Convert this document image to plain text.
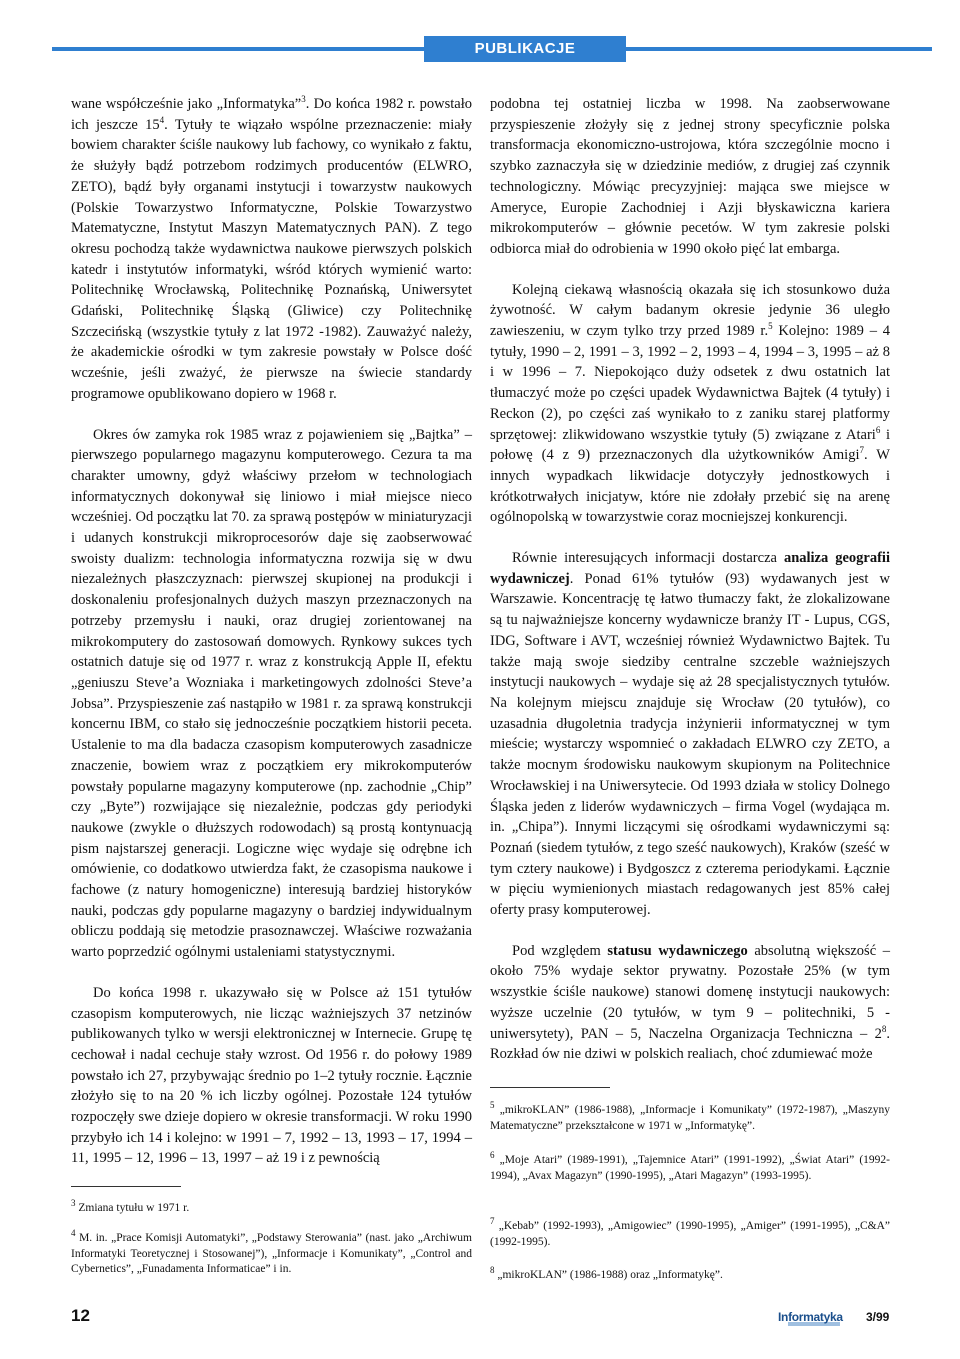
PUBLIKACJE

wane współcześnie jako „Informatyka”$^3$. Do końca 1982 r. powstało ich jeszcze $15^4$. Tytuły te wiązało wspólne przeznaczenie: miały bowiem charakter ściśle naukowy lub fachowy, co wynikało z faktu, że służyły bądź potrzebom rodzimych producentów (ELWRO, ZETO), bądź były organami instytucji i towarzystw naukowych (Polskie Towarzystwo Informatyczne, Polskie Towarzystwo Matematyczne, Instytut Maszyn Matematycznych PAN). Z tego okresu pochodzą także wydawnictwa naukowe pierwszych polskich katedr i instytutów informatyki, wśród których wymienić warto: Politechnikę Wrocławską, Politechnikę Poznańską, Uniwersytet Gdański, Politechnikę Śląską (Gliwice) czy Politechnikę Szczecińską (wszystkie tytuły z lat 1972 -1982). Zauważyć należy, że akademickie ośrodki w tym zakresie powstały w Polsce dość wcześnie, jeśli zważyć, że pierwsze na świecie standardy programowe opublikowano dopiero w 1968 r.

Okres ów zamyka rok 1985 wraz z pojawieniem się „Bajtka” – pierwszego popularnego magazynu komputerowego. Cezura ta ma charakter umowny, gdyż właściwy przełom w technologiach informatycznych dokonywał się liniowo i miał miejsce nieco wcześniej. Od początku lat 70. za sprawą postępów w miniaturyzacji i udanych konstrukcji mikroprocesorów daje się zaobserwować swoisty dualizm: technologia informatyczna rozwija się w dwu niezależnych płaszczyznach: pierwszej skupionej na produkcji i doskonaleniu profesjonalnych dużych maszyn przeznaczonych na potrzeby przemysłu i nauki, oraz drugiej zorientowanej na mikrokomputery do zastosowań domowych. Rynkowy sukces tych ostatnich datuje się od 1977 r. wraz z konstrukcją Apple II, efektu „geniuszu Steve’a Wozniaka i marketingowych zdolności Steve’a Jobsa”. Przyspieszenie zaś nastąpiło w 1981 r. za sprawą konstrukcji koncernu IBM, co stało się jednocześnie początkiem historii peceta. Ustalenie to ma dla badacza czasopism komputerowych zasadnicze znaczenie, bowiem wraz z początkiem ery mikrokomputerów powstały popularne magazyny komputerowe (np. zachodnie „Chip” czy „Byte”) rozwijające się niezależnie, podczas gdy periodyki naukowe (zwykle o dłuższych rodowodach) są prostą kontynuacją pism najstarszej generacji. Logiczne więc wydaje się odrębne ich omówienie, co dodatkowo utwierdza fakt, że czasopisma naukowe i fachowe (z natury homogeniczne) interesują bardziej historyków nauki, podczas gdy popularne magazyny o bardziej indywidualnym obliczu poddają się metodzie prasoznawczej. Właściwe rozważania warto poprzedzić ogólnymi ustaleniami statystycznymi.

Do końca 1998 r. ukazywało się w Polsce aż 151 tytułów czasopism komputerowych, nie licząc ważniejszych 37 netzinów publikowanych tylko w wersji elektronicznej w Internecie. Grupę tę cechował i nadal cechuje stały wzrost. Od 1956 r. do połowy 1989 powstało ich 27, przybywając średnio po 1–2 tytuły rocznie. Łącznie złożyło się to na 20 % ich liczby ogólnej. Pozostałe 124 tytułów rozpoczęły swe dzieje dopiero w okresie transformacji. W roku 1990 przybyło ich 14 i kolejno: w 1991 – 7, 1992 – 13, 1993 – 17, 1994 – 11, 1995 – 12, 1996 – 13, 1997 – aż 19 i z pewnością

podobna tej ostatniej liczba w 1998. Na zaobserwowane przyspieszenie złożyły się z jednej strony specyficznie polska transformacja ekonomiczno-ustrojowa, która szczególnie mocno i szybko zaznaczyła się w dziedzinie mediów, z drugiej zaś czynnik technologiczny. Mówiąc precyzyjniej: mająca swe miejsce w Ameryce, Europie Zachodniej i Azji błyskawiczna kariera mikrokomputerów – głównie pecetów. W tym zakresie polski odbiorca miał do odrobienia w 1990 około pięć lat embarga.

Kolejną ciekawą własnością okazała się ich stosunkowo duża żywotność. W całym badanym okresie jedynie 36 uległo zawieszeniu, w czym tylko trzy przed 1989 r.$^5$ Kolejno: 1989 – 4 tytuły, 1990 – 2, 1991 – 3, 1992 – 2, 1993 – 4, 1994 – 3, 1995 – aż 8 i w 1996 – 7. Niepokojąco duży odsetek z dwu ostatnich lat tłumaczyć może po części upadek Wydawnictwa Bajtek (4 tytuły) i Reckon (2), po części zaś wynikało to z zaniku starej platformy sprzętowej: zlikwidowano wszystkie tytuły (5) związane z Atari$^6$ i połowę (4 z 9) przeznaczonych dla użytkowników Amigi$^7$. W innych wypadkach likwidacje dotyczyły jednostkowych i krótkotrwałych inicjatyw, które nie zdołały przebić się na arenę ogólnopolską w towarzystwie coraz mocniejszej konkurencji.

Równie interesujących informacji dostarcza analiza geografii wydawniczej. Ponad 61% tytułów (93) wydawanych jest w Warszawie. Koncentrację tę łatwo tłumaczy fakt, że zlokalizowane są tu najważniejsze koncerny wydawnicze branży IT - Lupus, CGS, IDG, Software i AVT, wcześniej również Wydawnictwo Bajtek. Tu także mają swoje siedziby centralne szczeble ważniejszych instytucji naukowych – wydaje się aż 28 specjalistycznych tytułów. Na kolejnym miejscu znajduje się Wrocław (20 tytułów), co uzasadnia długoletnia tradycja inżynierii informatycznej w tym mieście; wystarczy wspomnieć o zakładach ELWRO czy ZETO, a także mocnym środowisku naukowym skupionym na Politechnice Wrocławskiej i na Uniwersytecie. Od 1993 działa w stolicy Dolnego Śląska jeden z liderów wydawniczych – firma Vogel (wydająca m. in. „Chipa”). Innymi liczącymi się ośrodkami wydawniczymi są: Poznań (siedem tytułów, z tego sześć naukowych), Kraków (sześć w tym cztery naukowe) i Bydgoszcz z czterema periodykami. Łącznie w pięciu wymienionych miastach redagowanych jest 85% całej oferty prasy komputerowej.

Pod względem statusu wydawniczego absolutną większość – około 75% wydaje sektor prywatny. Pozostałe 25% (w tym wszystkie ściśle naukowe) stanowi domenę instytucji naukowych: wyższe uczelnie (20 tytułów, w tym 9 – politechniki, 5 - uniwersytety), PAN – 5, Naczelna Organizacja Techniczna – $2^8$. Rozkład ów nie dziwi w polskich realiach, choć zdumiewać może

$^3$ Zmiana tytułu w 1971 r.
$^4$ M. in. „Prace Komisji Automatyki”, „Podstawy Sterowania” (nast. jako „Archiwum Informatyki Teoretycznej i Stosowanej”), „Informacje i Komunikaty”, „Control and Cybernetics”, „Funadamenta Informaticae” i in.
$^5$ „mikroKLAN” (1986-1988), „Informacje i Komunikaty” (1972-1987), „Maszyny Matematyczne” przekształcone w 1971 w „Informatykę”.
$^6$ „Moje Atari” (1989-1991), „Tajemnice Atari” (1991-1992), „Świat Atari” (1992-1994), „Avax Magazyn” (1990-1995), „Atari Magazyn” (1993-1995).
$^7$ „Kebab” (1992-1993), „Amigowiec” (1990-1995), „Amiger” (1991-1995), „C&A” (1992-1995).
$^8$ „mikroKLAN” (1986-1988) oraz „Informatykę”.
12	Informatyka 3/99
